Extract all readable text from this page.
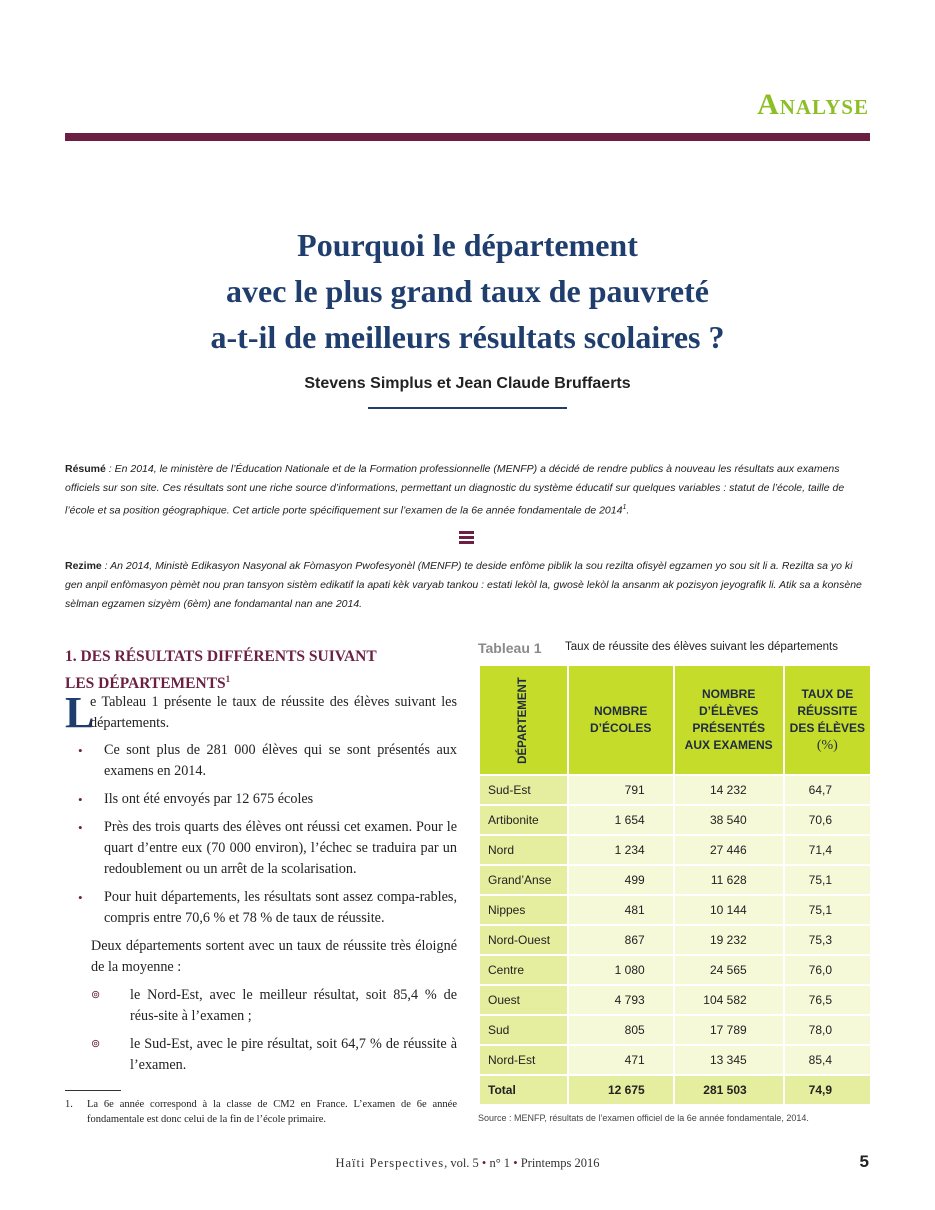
Analyse
Pourquoi le département
avec le plus grand taux de pauvreté
a-t-il de meilleurs résultats scolaires ?
Stevens Simplus et Jean Claude Bruffaerts
Résumé : En 2014, le ministère de l’Éducation Nationale et de la Formation professionnelle (MENFP) a décidé de rendre publics à nouveau les résultats aux examens officiels sur son site. Ces résultats sont une riche source d’informations, permettant un diagnostic du système éducatif sur quelques variables : statut de l’école, taille de l’école et sa position géographique. Cet article porte spécifiquement sur l’examen de la 6e année fondamentale de 2014$^1$.
Rezime : An 2014, Ministè Edikasyon Nasyonal ak Fòmasyon Pwofesyonèl (MENFP) te deside enfòme piblik la sou rezilta ofisyèl egzamen yo sou sit li a. Rezilta sa yo ki gen anpil enfòmasyon pèmèt nou pran tansyon sistèm edikatif la apati kèk varyab tankou : estati lekòl la, gwosè lekòl la ansanm ak pozisyon jeyografik li. Atik sa a konsène sèlman egzamen sizyèm (6èm) ane fondamantal nan ane 2014.
1. DES RÉSULTATS DIFFÉRENTS SUIVANT
LES DÉPARTEMENTS$^1$
L
e Tableau 1 présente le taux de réussite des élèves suivant les départements.
•	Ce sont plus de 281 000 élèves qui se sont présentés aux examens en 2014.
•	Ils ont été envoyés par 12 675 écoles
•	Près des trois quarts des élèves ont réussi cet examen. Pour le quart d’entre eux (70 000 environ), l’échec se traduira par un redoublement ou un arrêt de la scolarisation.
•	Pour huit départements, les résultats sont assez compa-rables, compris entre 70,6 % et 78 % de taux de réussite.
Deux départements sortent avec un taux de réussite très éloigné de la moyenne :
⊚	le Nord-Est, avec le meilleur résultat, soit 85,4 % de réus-site à l’examen ;
⊚	le Sud-Est, avec le pire résultat, soit 64,7 % de réussite à l’examen.
1.	La 6e année correspond à la classe de CM2 en France. L’examen de 6e année fondamentale est donc celui de la fin de l’école primaire.
Tableau 1 Taux de réussite des élèves suivant les départements
DÉPARTEMENT	NOMBRE D’ÉCOLES	NOMBRE D’ÉLÈVES PRÉSENTÉS AUX EXAMENS	TAUX DE RÉUSSITE DES ÉLÈVES
(%)

Sud-Est	791	14 232	64,7
Artibonite	1 654	38 540	70,6
Nord	1 234	27 446	71,4
Grand’Anse	499	11 628	75,1
Nippes	481	10 144	75,1
Nord-Ouest	867	19 232	75,3
Centre	1 080	24 565	76,0
Ouest	4 793	104 582	76,5
Sud	805	17 789	78,0
Nord-Est	471	13 345	85,4
Total	12 675	281 503	74,9
Source : MENFP, résultats de l’examen officiel de la 6e année fondamentale, 2014.
Haïti Perspectives, vol. 5 • n° 1 • Printemps 2016	5
